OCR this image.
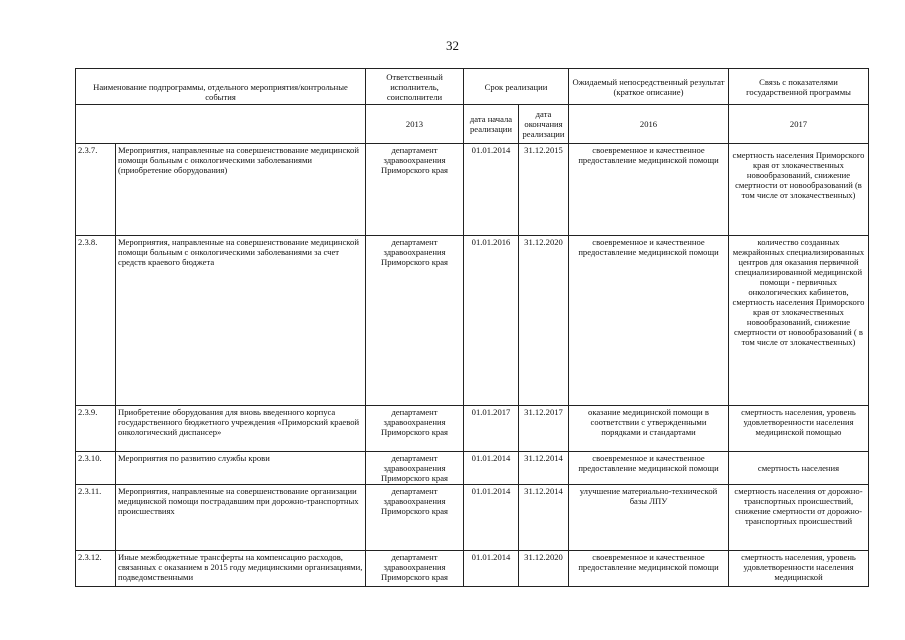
32
Наименование подпрограммы, отдельного мероприятия/контрольные события		Ответственный исполнитель, соисполнители	Срок реализации		Ожидаемый непосредственный результат (краткое описание)	Связь с показателями государственной программы
		2013	дата начала реализации	дата окончания реализации	2016	2017
2.3.7.	Мероприятия, направленные на совершенствование медицинской помощи больным с онкологическими заболеваниями (приобретение оборудования)	департамент здравоохранения Приморского края	01.01.2014	31.12.2015	своевременное и качественное предоставление медицинской помощи	смертность населения Приморского края от злокачественных новообразований, снижение смертности от новообразований (в том числе от злокачественных)
2.3.8.	Мероприятия, направленные на совершенствование медицинской помощи больным с онкологическими заболеваниями за счет средств краевого бюджета	департамент здравоохранения Приморского края	01.01.2016	31.12.2020	своевременное и качественное предоставление медицинской помощи	количество созданных межрайонных специализированных центров для оказания первичной специализированной медицинской помощи - первичных онкологических кабинетов, смертность населения Приморского края от злокачественных новообразований, снижение смертности от новообразований ( в том числе от злокачественных)
2.3.9.	Приобретение оборудования для вновь введенного корпуса государственного бюджетного учреждения «Приморский краевой онкологический диспансер»	департамент здравоохранения Приморского края	01.01.2017	31.12.2017	оказание медицинской помощи в соответствии с утвержденными порядками и стандартами	смертность населения, уровень удовлетворенности населения медицинской помощью
2.3.10.	Мероприятия по развитию службы крови	департамент здравоохранения Приморского края	01.01.2014	31.12.2014	своевременное и качественное предоставление медицинской помощи	смертность населения
2.3.11.	Мероприятия, направленные на совершенствование организации медицинской помощи пострадавшим при дорожно-транспортных происшествиях	департамент здравоохранения Приморского края	01.01.2014	31.12.2014	улучшение материально-технической базы ЛПУ	смертность населения от дорожно-транспортных происшествий, снижение смертности от дорожно-транспортных происшествий
2.3.12.	Иные межбюджетные трансферты на компенсацию расходов, связанных с оказанием в 2015 году медицинскими организациями, подведомственными	департамент здравоохранения Приморского края	01.01.2014	31.12.2020	своевременное и качественное предоставление медицинской помощи	смертность населения, уровень удовлетворенности населения медицинской
